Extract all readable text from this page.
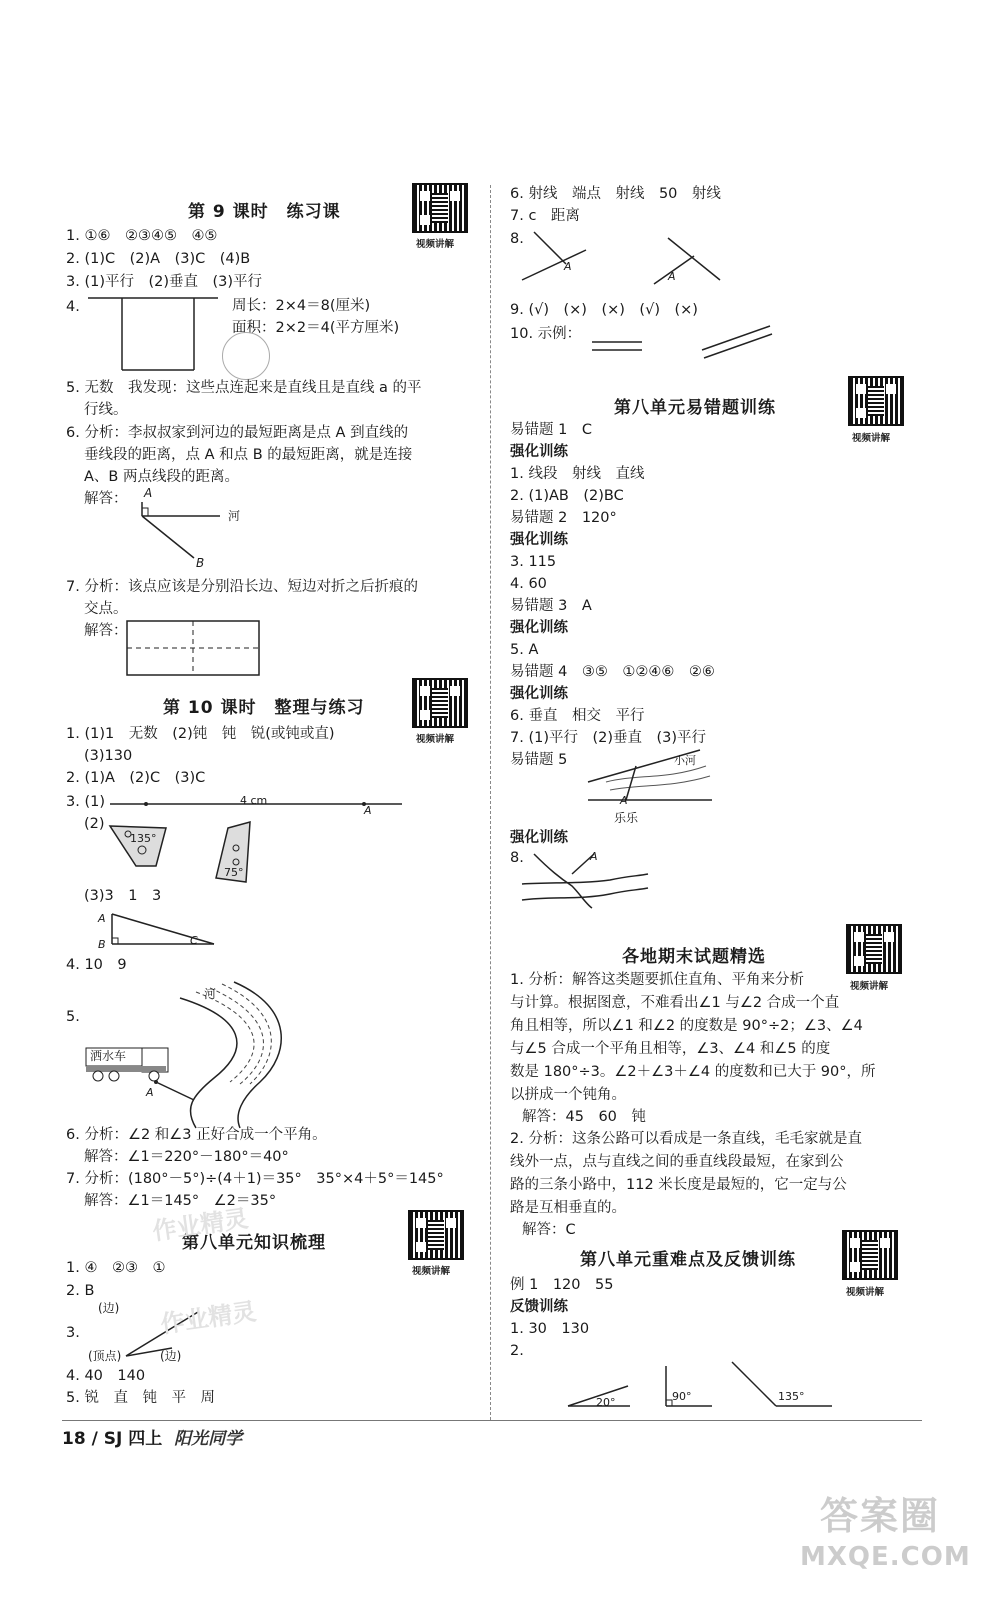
第 9 课时　练习课
视频讲解
1. ①⑥　②③④⑤　④⑤
2. (1)C　(2)A　(3)C　(4)B
3. (1)平行　(2)垂直　(3)平行
4.	周长：2×4＝8(厘米)
面积：2×2＝4(平方厘米)
5. 无数　我发现：这些点连起来是直线且是直线 a 的平
行线。
6. 分析：李叔叔家到河边的最短距离是点 A 到直线的
垂线段的距离，点 A 和点 B 的最短距离，就是连接
A、B 两点线段的距离。
解答： A
B
河
7. 分析：该点应该是分别沿长边、短边对折之后折痕的
交点。
解答：
第 10 课时　整理与练习
视频讲解
1. (1)1　无数　(2)钝　钝　锐(或钝或直)
(3)130
2. (1)A　(2)C　(3)C
3. (1)	4 cm
A
(2)
135°
75°
(3)3　1　3
A
B	C
4. 10　9
5.
河
洒水车
A
6. 分析：∠2 和∠3 正好合成一个平角。
解答：∠1＝220°－180°＝40°
7. 分析：(180°－5°)÷(4＋1)＝35°　35°×4＋5°＝145°
解答：∠1＝145°　∠2＝35°
第八单元知识梳理
视频讲解
1. ④　②③　①
2. B
3.
(边)
(顶点)	(边)
4. 40　140
5. 锐　直　钝　平　周
6. 射线　端点　射线　50　射线
7. c　距离
8.
A
A
9. (√)　(×)　(×)　(√)　(×)
10. 示例：
第八单元易错题训练
视频讲解
易错题 1　C
强化训练
1. 线段　射线　直线
2. (1)AB　(2)BC
易错题 2　120°
强化训练
3. 115
4. 60
易错题 3　A
强化训练
5. A
易错题 4　③⑤　①②④⑥　②⑥
强化训练
6. 垂直　相交　平行
7. (1)平行　(2)垂直　(3)平行
易错题 5	小河
乐乐
A
强化训练
8.	A
各地期末试题精选
视频讲解
1. 分析：解答这类题要抓住直角、平角来分析
与计算。根据图意，不难看出∠1 与∠2 合成一个直
角且相等，所以∠1 和∠2 的度数是 90°÷2；∠3、∠4
与∠5 合成一个平角且相等，∠3、∠4 和∠5 的度
数是 180°÷3。∠2＋∠3＋∠4 的度数和已大于 90°，所
以拼成一个钝角。
解答：45　60　钝
2. 分析：这条公路可以看成是一条直线，毛毛家就是直
线外一点，点与直线之间的垂直线段最短，在家到公
路的三条小路中，112 米长度是最短的，它一定与公
路是互相垂直的。
解答：C
第八单元重难点及反馈训练
视频讲解
例 1　120　55
反馈训练
1. 30　130
2.
20°	90°	135°
18 / SJ 四上 阳光同学
答案圈
MXQE.COM
作业精灵
作业精灵
